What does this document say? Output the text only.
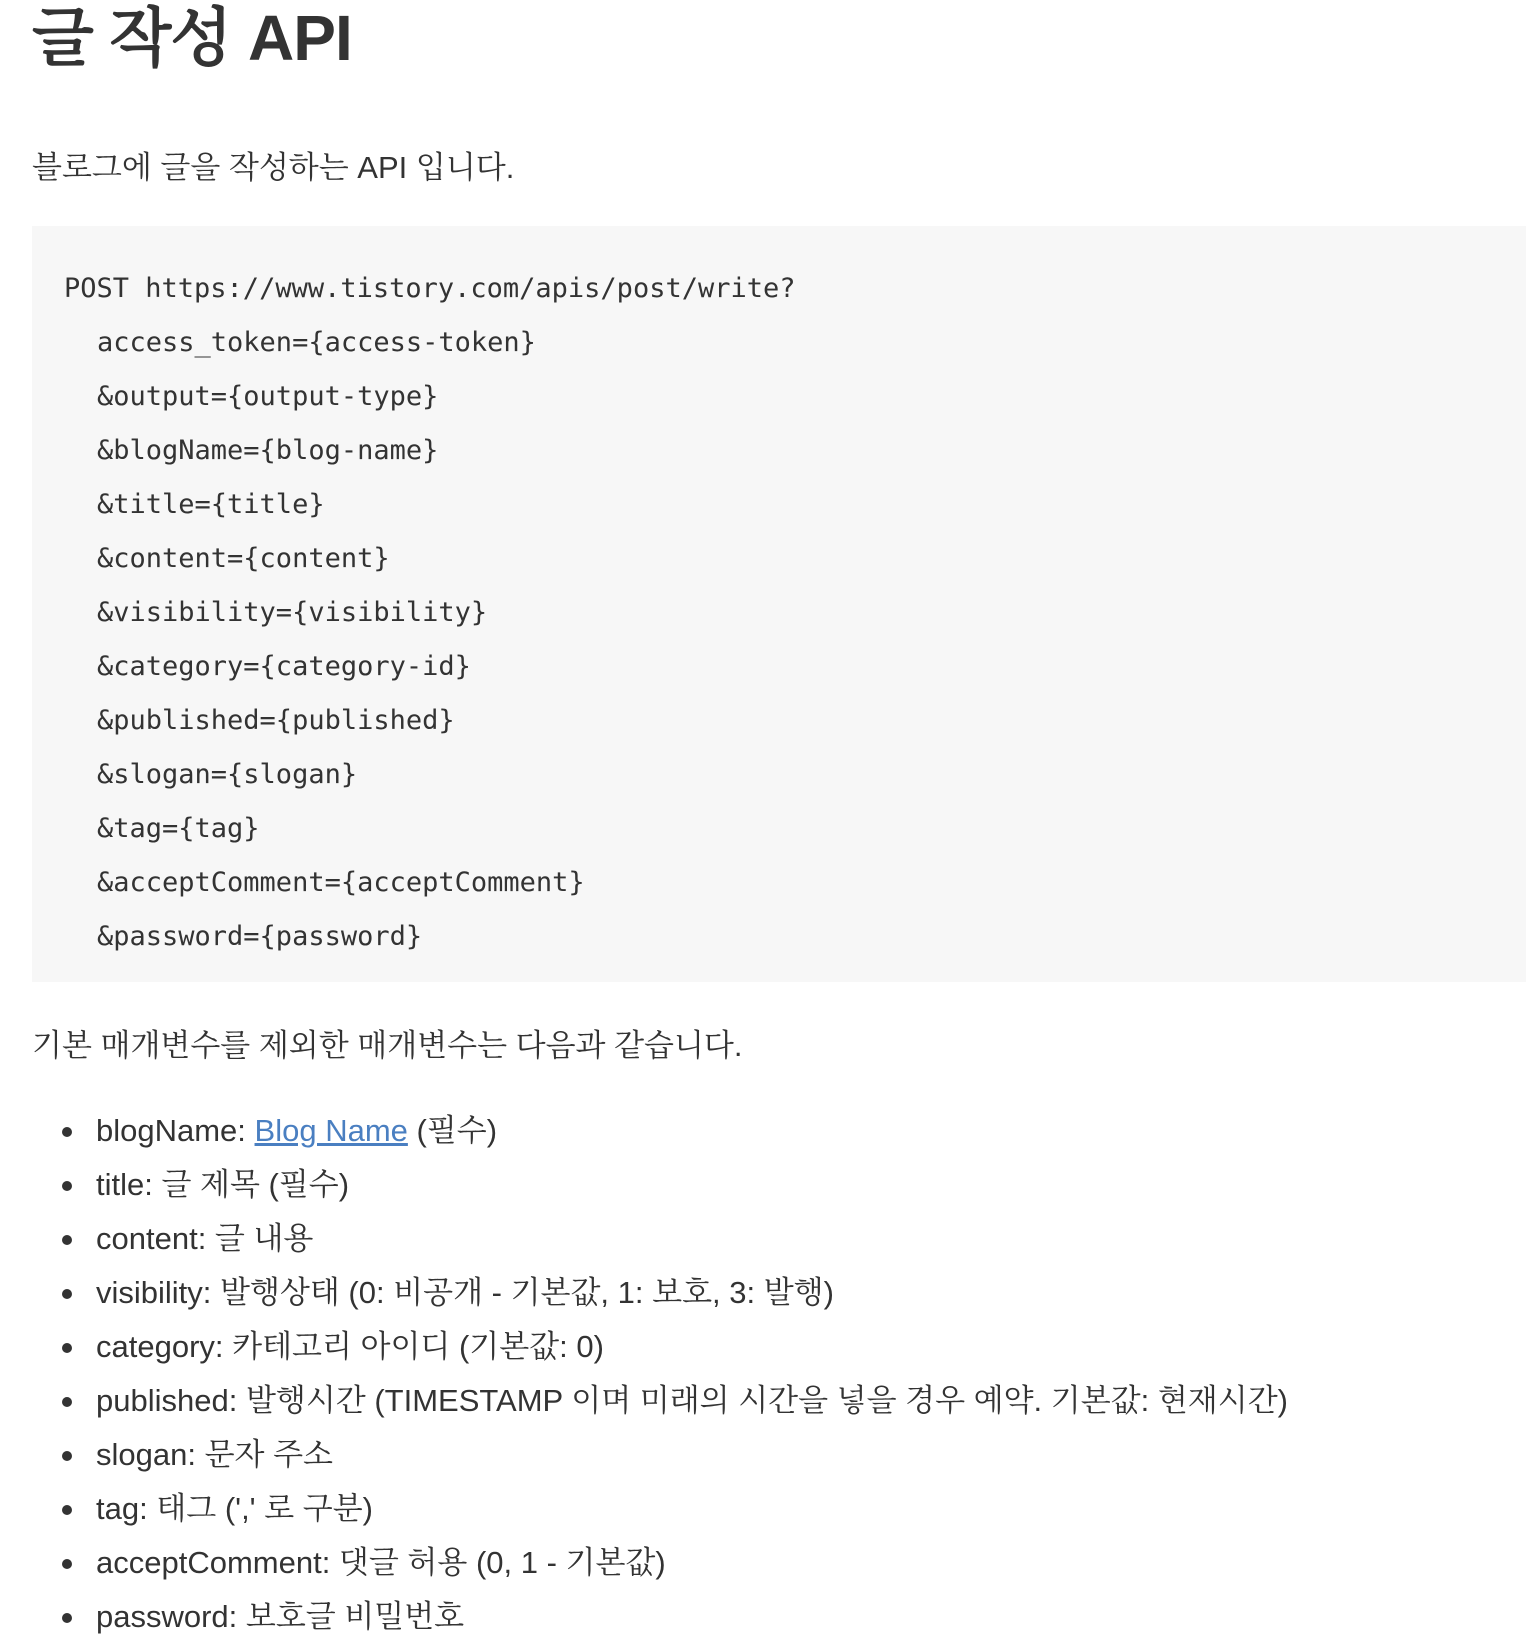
글 작성 API

블로그에 글을 작성하는 API 입니다.

POST https://www.tistory.com/apis/post/write?
access_token={access-token}
&output={output-type}
&blogName={blog-name}
&title={title}
&content={content}
&visibility={visibility}
&category={category-id}
&published={published}
&slogan={slogan}
&tag={tag}
&acceptComment={acceptComment}
&password={password}

기본 매개변수를 제외한 매개변수는 다음과 같습니다.

blogName: Blog Name (필수)
title: 글 제목 (필수)
content: 글 내용
visibility: 발행상태 (0: 비공개 - 기본값, 1: 보호, 3: 발행)
category: 카테고리 아이디 (기본값: 0)
published: 발행시간 (TIMESTAMP 이며 미래의 시간을 넣을 경우 예약. 기본값: 현재시간)
slogan: 문자 주소
tag: 태그 (',' 로 구분)
acceptComment: 댓글 허용 (0, 1 - 기본값)
password: 보호글 비밀번호
